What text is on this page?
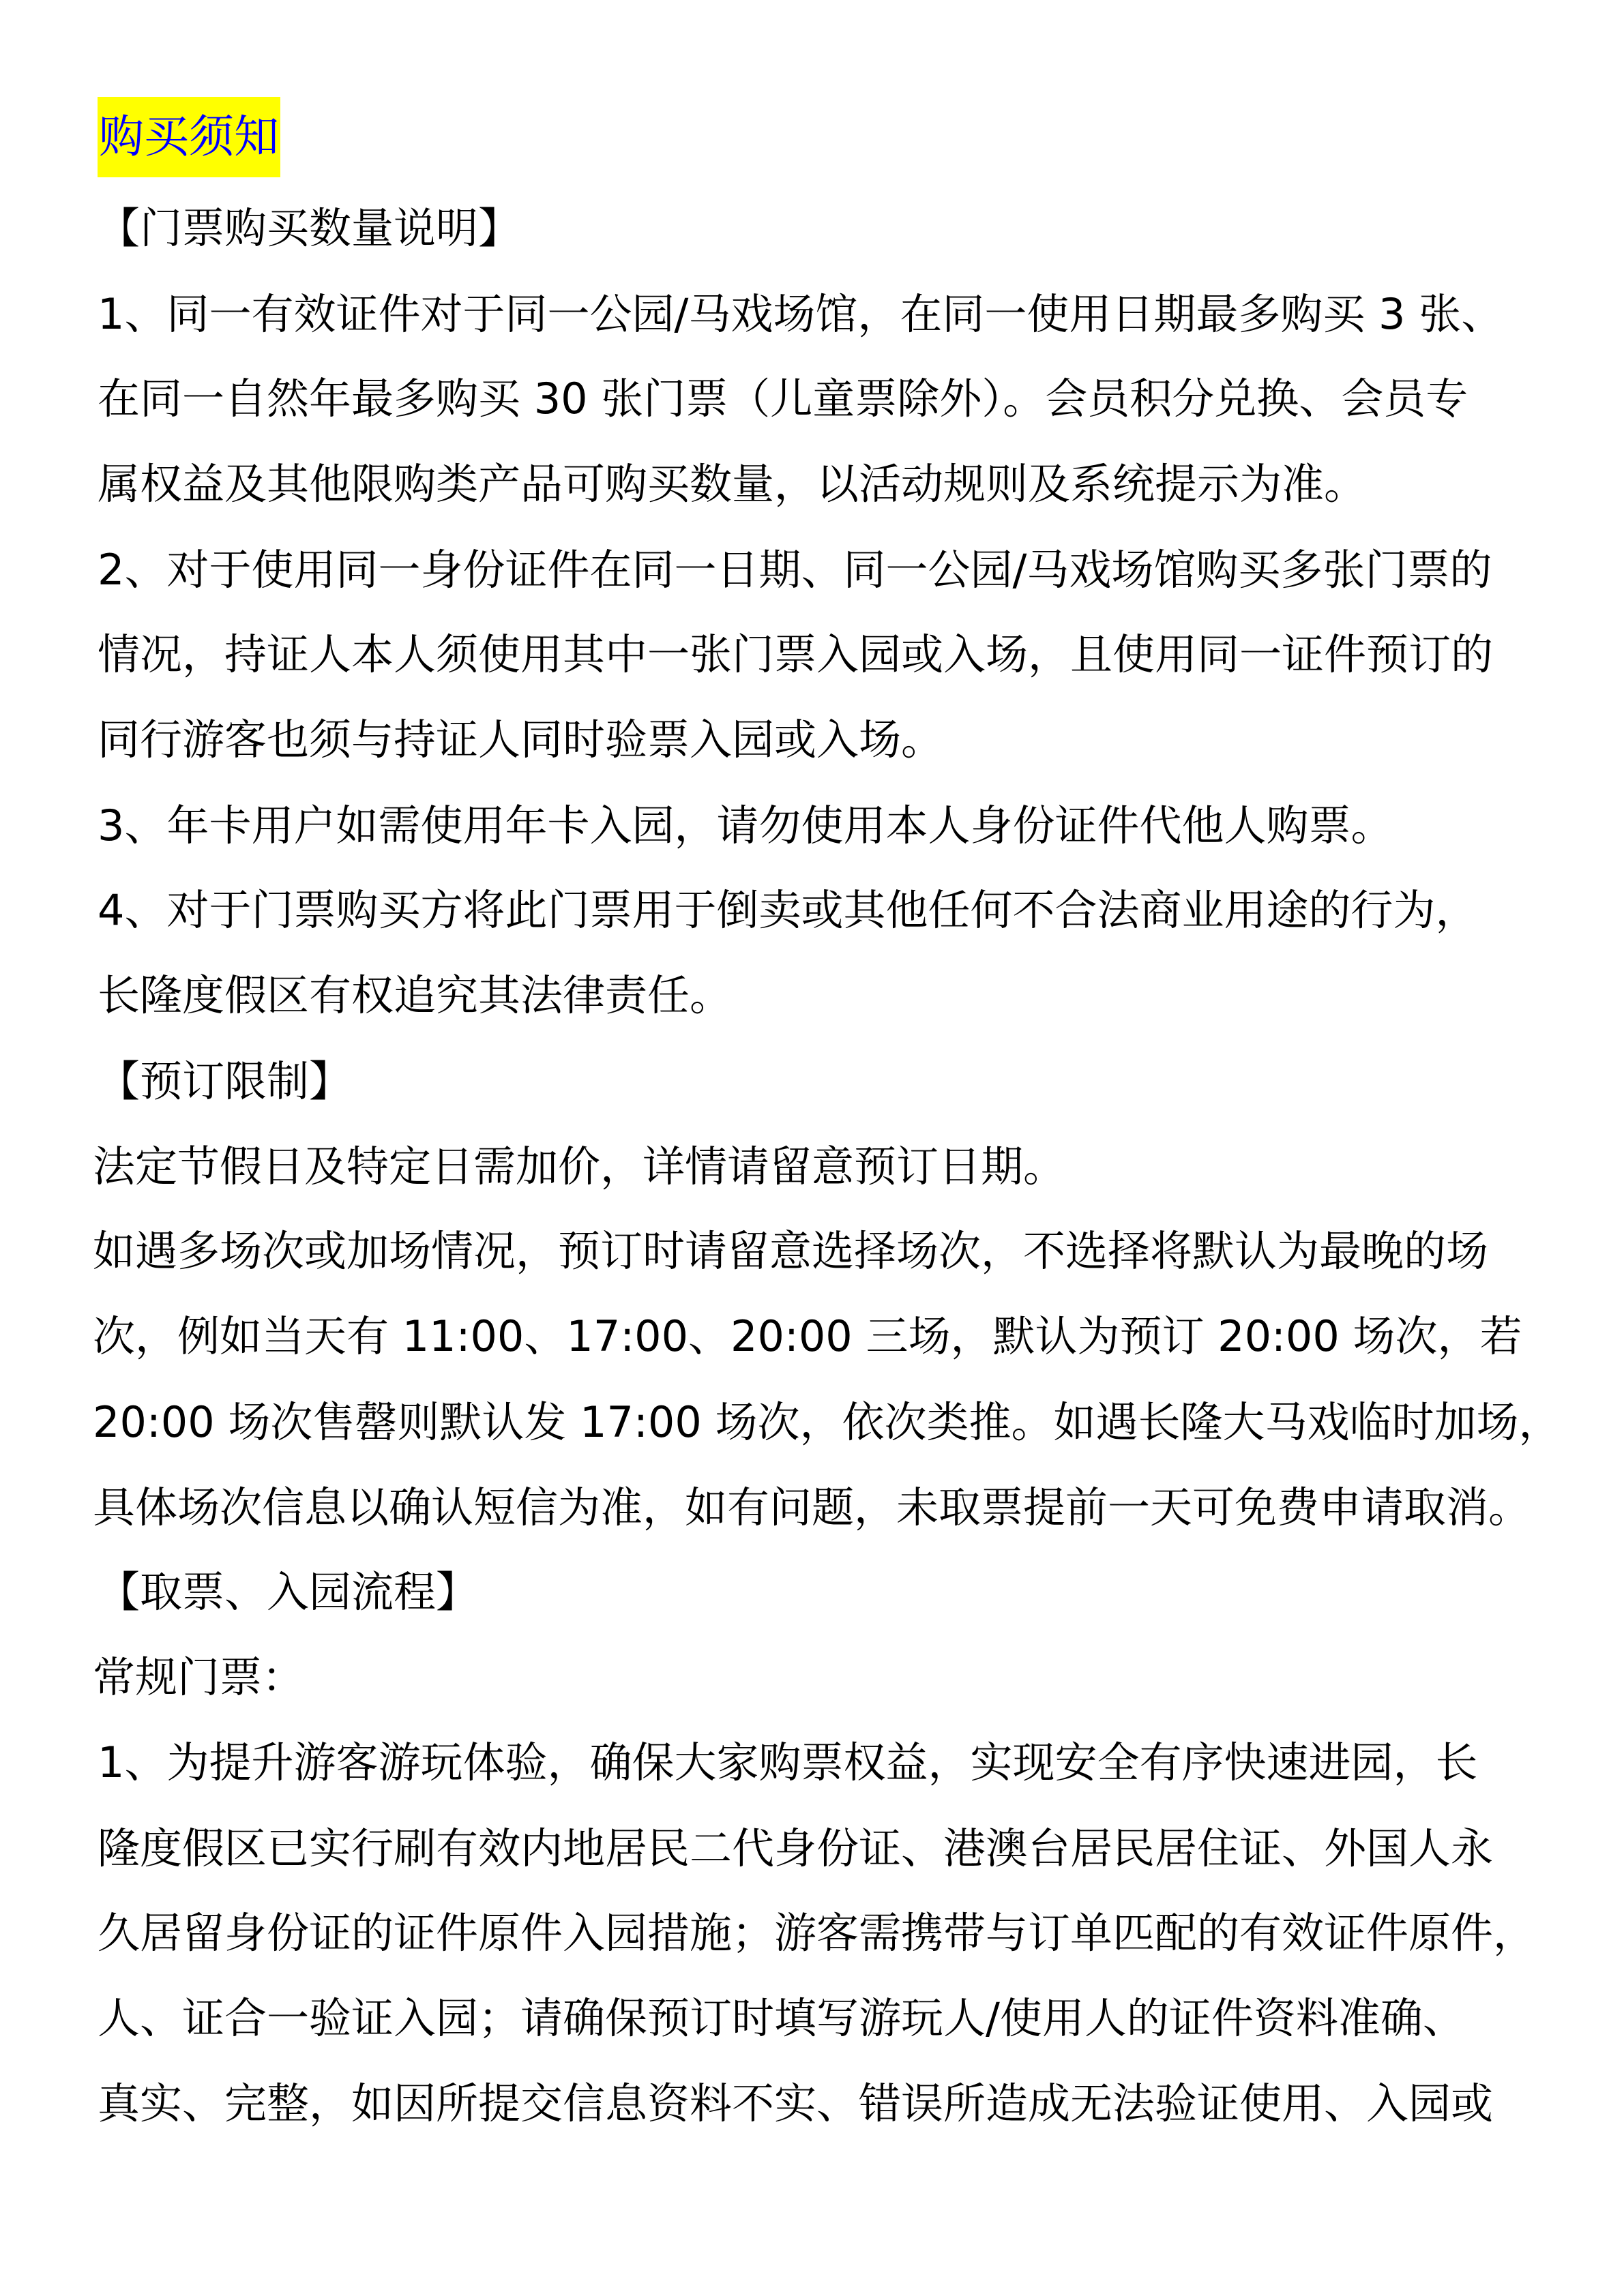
购买须知
【门票购买数量说明】
1、同一有效证件对于同一公园/马戏场馆，在同一使用日期最多购买 3 张、
在同一自然年最多购买 30 张门票（儿童票除外）。会员积分兑换、会员专
属权益及其他限购类产品可购买数量，以活动规则及系统提示为准。
2、对于使用同一身份证件在同一日期、同一公园/马戏场馆购买多张门票的
情况，持证人本人须使用其中一张门票入园或入场，且使用同一证件预订的
同行游客也须与持证人同时验票入园或入场。
3、年卡用户如需使用年卡入园，请勿使用本人身份证件代他人购票。
4、对于门票购买方将此门票用于倒卖或其他任何不合法商业用途的行为，
长隆度假区有权追究其法律责任。
【预订限制】
法定节假日及特定日需加价，详情请留意预订日期。
如遇多场次或加场情况，预订时请留意选择场次，不选择将默认为最晚的场
次，例如当天有 11:00、17:00、20:00 三场，默认为预订 20:00 场次，若
20:00 场次售罄则默认发 17:00 场次，依次类推。如遇长隆大马戏临时加场，
具体场次信息以确认短信为准，如有问题，未取票提前一天可免费申请取消。
【取票、入园流程】
常规门票：
1、为提升游客游玩体验，确保大家购票权益，实现安全有序快速进园，长
隆度假区已实行刷有效内地居民二代身份证、港澳台居民居住证、外国人永
久居留身份证的证件原件入园措施；游客需携带与订单匹配的有效证件原件，
人、证合一验证入园；请确保预订时填写游玩人/使用人的证件资料准确、
真实、完整，如因所提交信息资料不实、错误所造成无法验证使用、入园或
